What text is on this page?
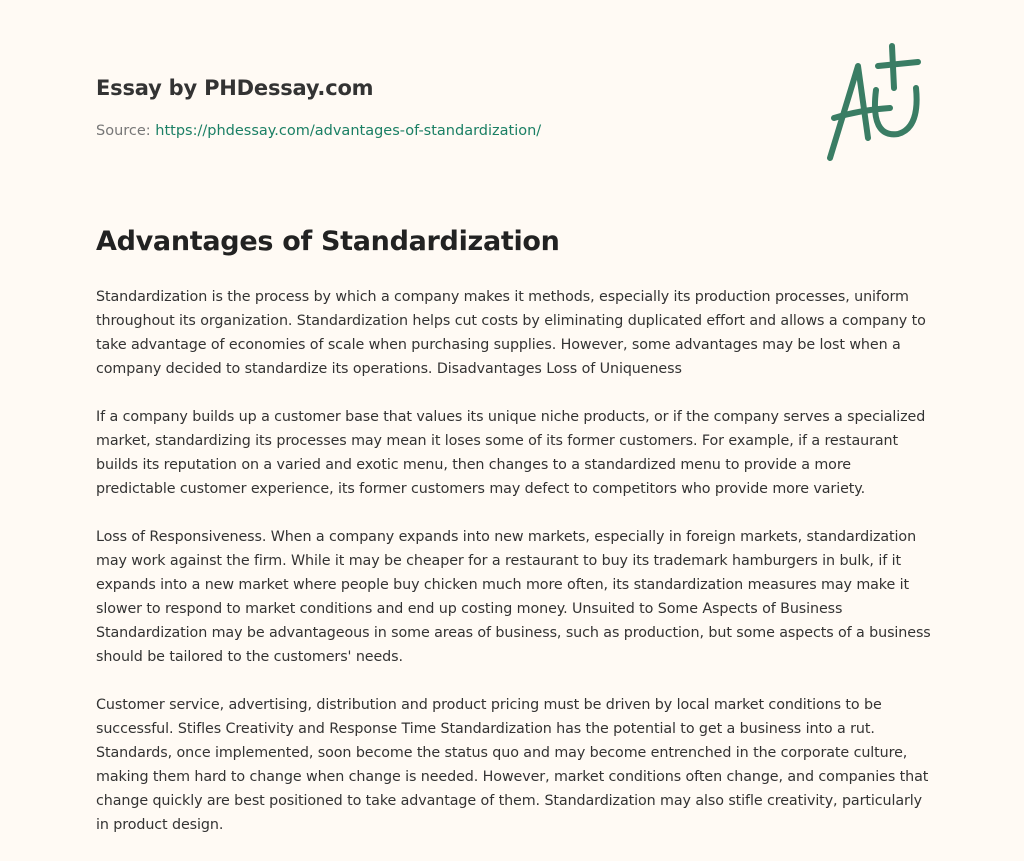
Essay by PHDessay.com
Source: https://phdessay.com/advantages-of-standardization/
Advantages of Standardization

Standardization is the process by which a company makes it methods, especially its production processes, uniform throughout its organization. Standardization helps cut costs by eliminating duplicated effort and allows a company to take advantage of economies of scale when purchasing supplies. However, some advantages may be lost when a company decided to standardize its operations. Disadvantages Loss of Uniqueness

If a company builds up a customer base that values its unique niche products, or if the company serves a specialized market, standardizing its processes may mean it loses some of its former customers. For example, if a restaurant builds its reputation on a varied and exotic menu, then changes to a standardized menu to provide a more predictable customer experience, its former customers may defect to competitors who provide more variety.

Loss of Responsiveness. When a company expands into new markets, especially in foreign markets, standardization may work against the firm. While it may be cheaper for a restaurant to buy its trademark hamburgers in bulk, if it expands into a new market where people buy chicken much more often, its standardization measures may make it slower to respond to market conditions and end up costing money. Unsuited to Some Aspects of Business Standardization may be advantageous in some areas of business, such as production, but some aspects of a business should be tailored to the customers' needs.

Customer service, advertising, distribution and product pricing must be driven by local market conditions to be successful. Stifles Creativity and Response Time Standardization has the potential to get a business into a rut. Standards, once implemented, soon become the status quo and may become entrenched in the corporate culture, making them hard to change when change is needed. However, market conditions often change, and companies that change quickly are best positioned to take advantage of them. Standardization may also stifle creativity, particularly in product design.
